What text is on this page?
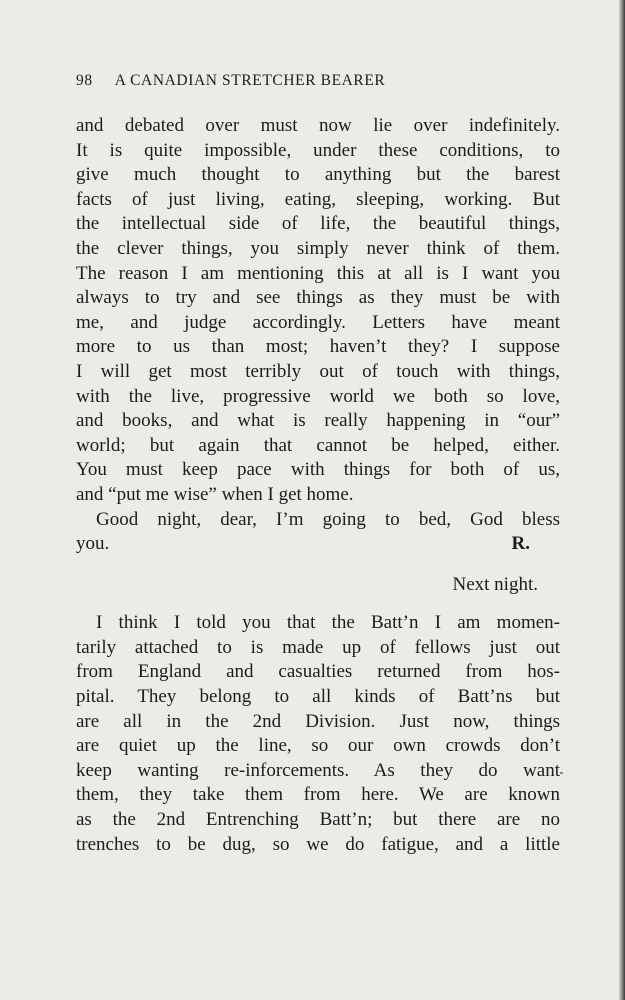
98 A CANADIAN STRETCHER BEARER
and debated over must now lie over indefinitely.
It is quite impossible, under these conditions, to
give much thought to anything but the barest
facts of just living, eating, sleeping, working. But
the intellectual side of life, the beautiful things,
the clever things, you simply never think of them.
The reason I am mentioning this at all is I want you
always to try and see things as they must be with
me, and judge accordingly. Letters have meant
more to us than most; haven’t they? I suppose
I will get most terribly out of touch with things,
with the live, progressive world we both so love,
and books, and what is really happening in “our”
world; but again that cannot be helped, either.
You must keep pace with things for both of us,
and “put me wise” when I get home.
Good night, dear, I’m going to bed, God bless
you.	R.
Next night.
I think I told you that the Batt’n I am momen-
tarily attached to is made up of fellows just out
from England and casualties returned from hos-
pital. They belong to all kinds of Batt’ns but
are all in the 2nd Division. Just now, things
are quiet up the line, so our own crowds don’t
keep wanting re-inforcements. As they do want
them, they take them from here. We are known
as the 2nd Entrenching Batt’n; but there are no
trenches to be dug, so we do fatigue, and a little
